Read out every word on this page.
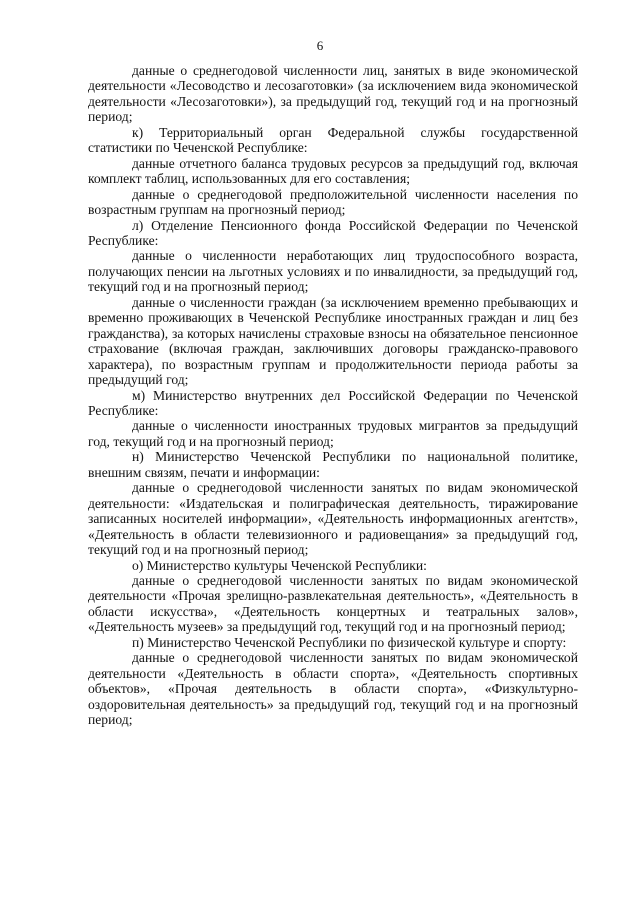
6

данные о среднегодовой численности лиц, занятых в виде экономической деятельности «Лесоводство и лесозаготовки» (за исключением вида экономической деятельности «Лесозаготовки»), за предыдущий год, текущий год и на прогнозный период;

к) Территориальный орган Федеральной службы государственной статистики по Чеченской Республике:

данные отчетного баланса трудовых ресурсов за предыдущий год, включая комплект таблиц, использованных для его составления;

данные о среднегодовой предположительной численности населения по возрастным группам на прогнозный период;

л) Отделение Пенсионного фонда Российской Федерации по Чеченской Республике:

данные о численности неработающих лиц трудоспособного возраста, получающих пенсии на льготных условиях и по инвалидности, за предыдущий год, текущий год и на прогнозный период;

данные о численности граждан (за исключением временно пребывающих и временно проживающих в Чеченской Республике иностранных граждан и лиц без гражданства), за которых начислены страховые взносы на обязательное пенсионное страхование (включая граждан, заключивших договоры гражданско-правового характера), по возрастным группам и продолжительности периода работы за предыдущий год;

м) Министерство внутренних дел Российской Федерации по Чеченской Республике:

данные о численности иностранных трудовых мигрантов за предыдущий год, текущий год и на прогнозный период;

н) Министерство Чеченской Республики по национальной политике, внешним связям, печати и информации:

данные о среднегодовой численности занятых по видам экономической деятельности: «Издательская и полиграфическая деятельность, тиражирование записанных носителей информации», «Деятельность информационных агентств», «Деятельность в области телевизионного и радиовещания» за предыдущий год, текущий год и на прогнозный период;

о) Министерство культуры Чеченской Республики:

данные о среднегодовой численности занятых по видам экономической деятельности «Прочая зрелищно-развлекательная деятельность», «Деятельность в области искусства», «Деятельность концертных и театральных залов», «Деятельность музеев» за предыдущий год, текущий год и на прогнозный период;

п) Министерство Чеченской Республики по физической культуре и спорту:

данные о среднегодовой численности занятых по видам экономической деятельности «Деятельность в области спорта», «Деятельность спортивных объектов», «Прочая деятельность в области спорта», «Физкультурно-оздоровительная деятельность» за предыдущий год, текущий год и на прогнозный период;
